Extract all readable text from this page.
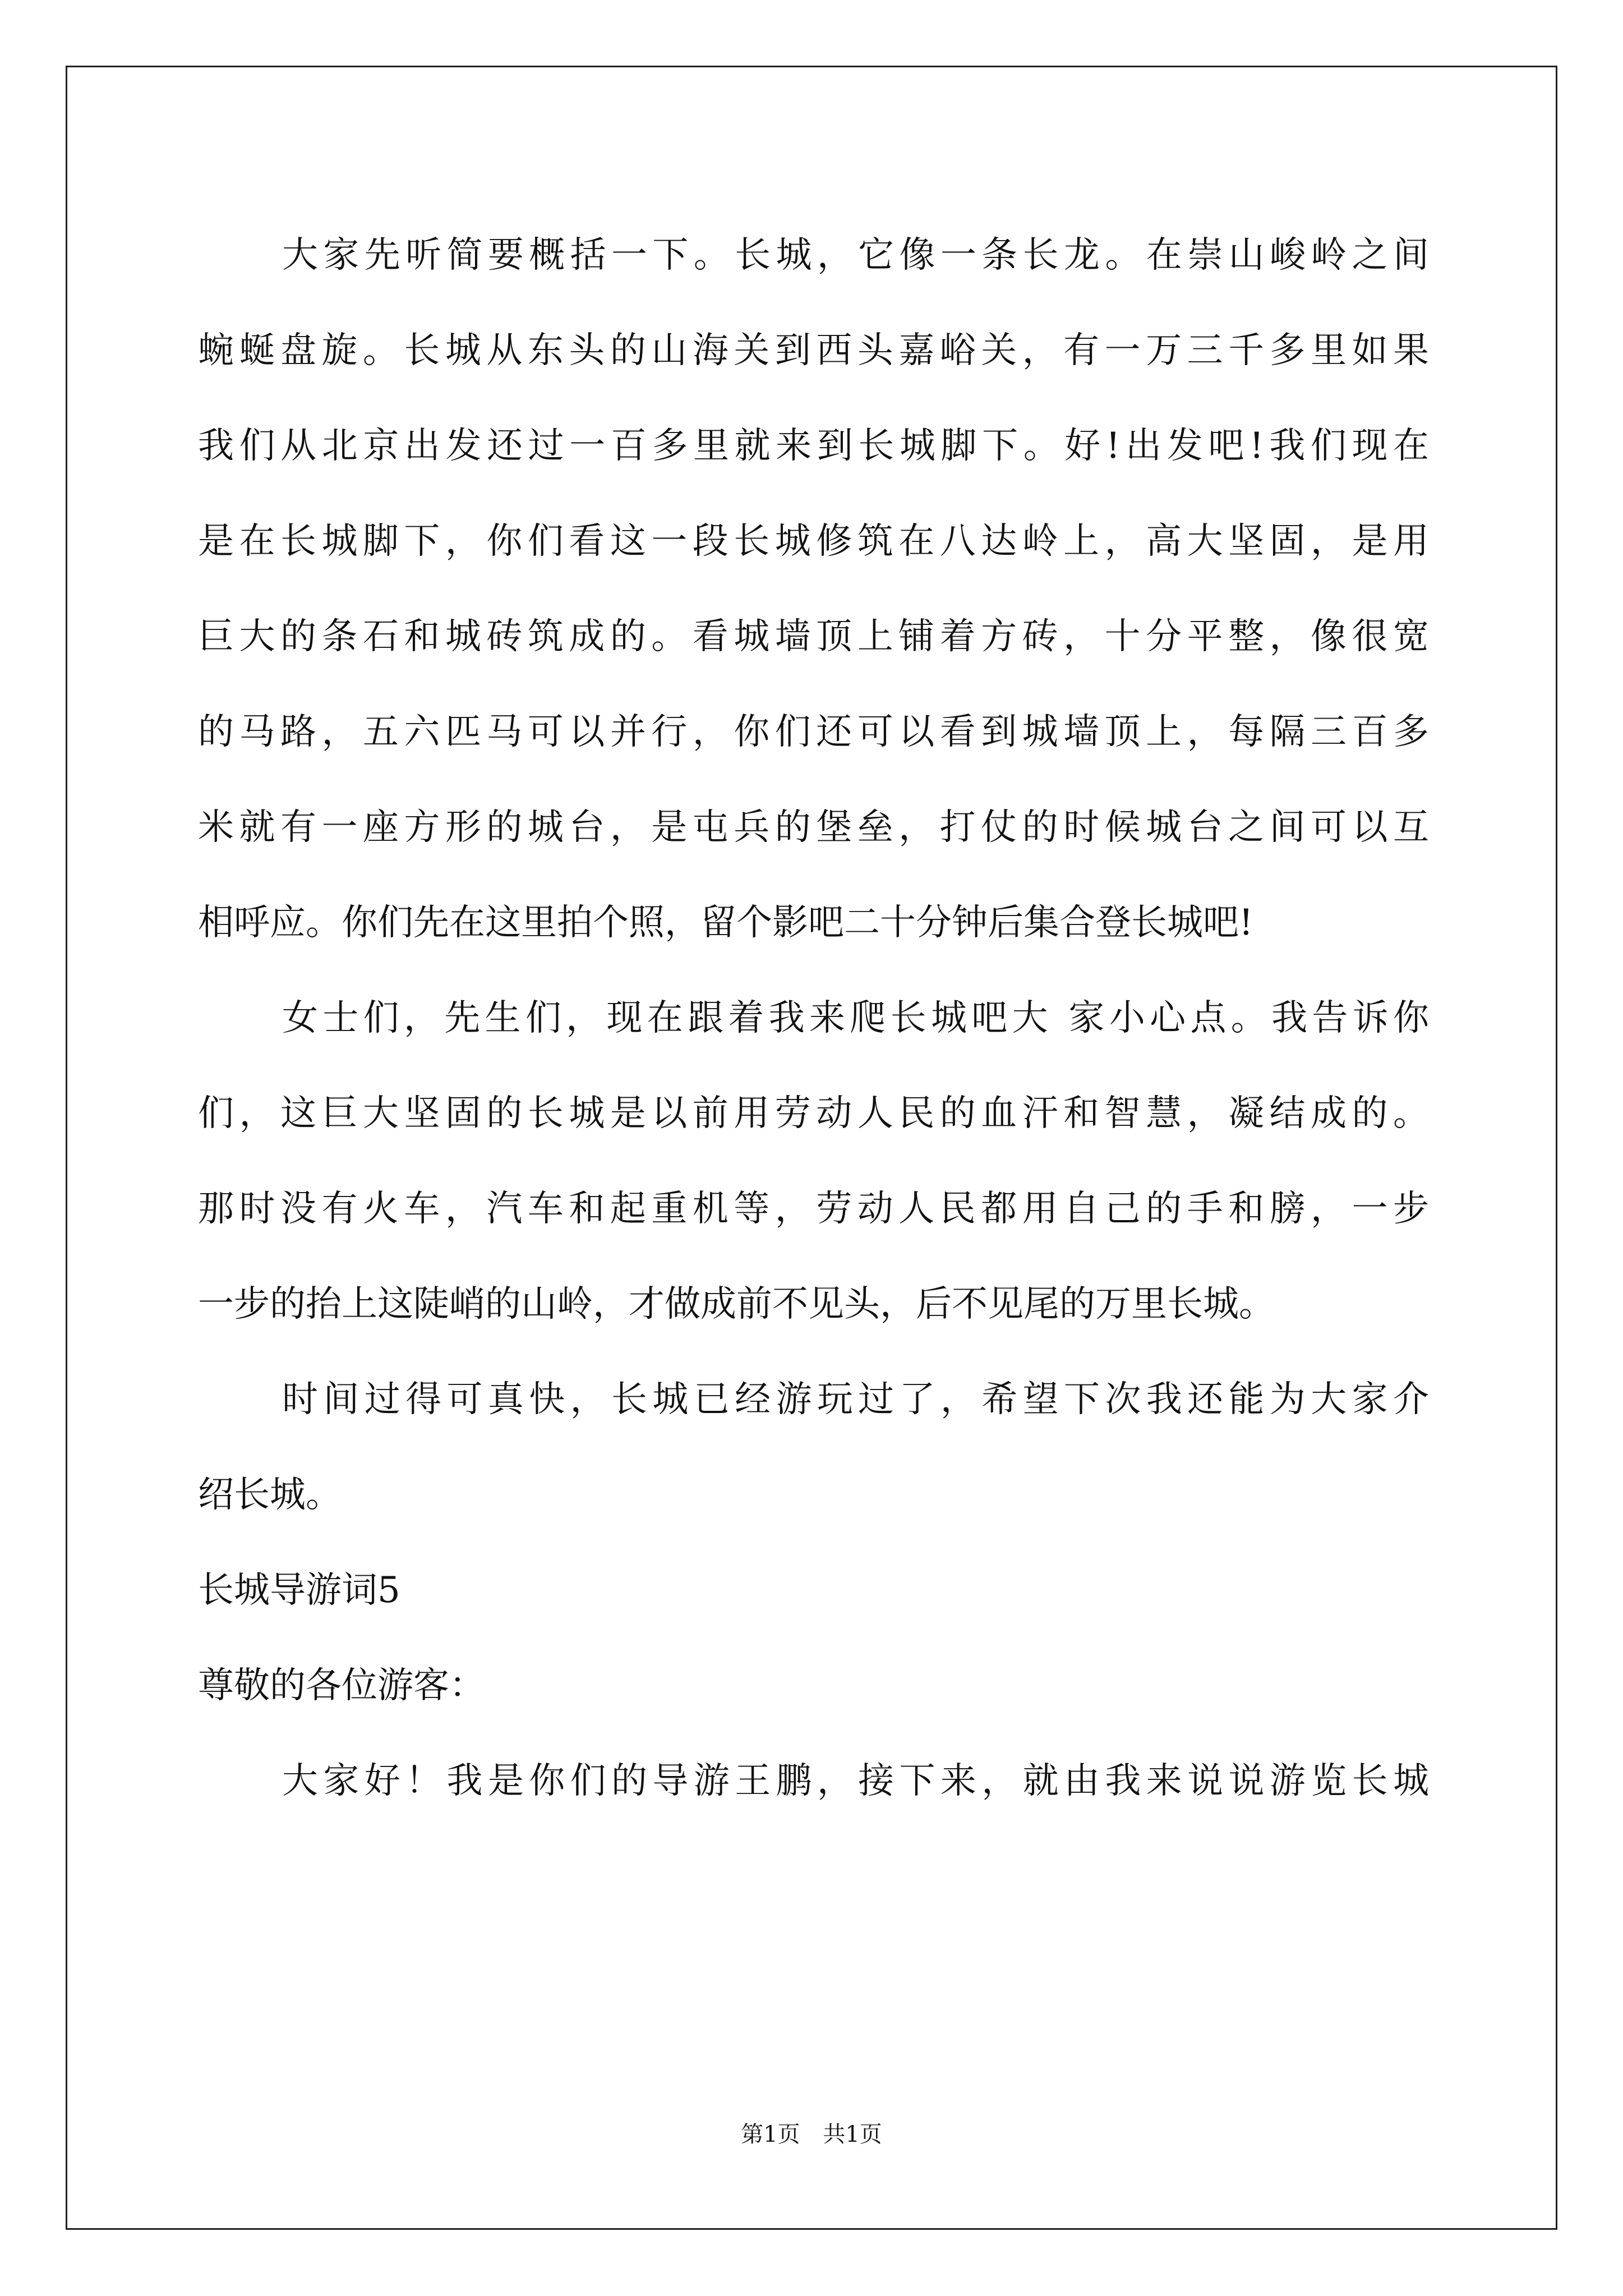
大家先听简要概括一下。长城，它像一条长龙。在崇山峻岭之间
蜿蜒盘旋。长城从东头的山海关到西头嘉峪关，有一万三千多里如果
我们从北京出发还过一百多里就来到长城脚下。好!出发吧!我们现在
是在长城脚下，你们看这一段长城修筑在八达岭上，高大坚固，是用
巨大的条石和城砖筑成的。看城墙顶上铺着方砖，十分平整，像很宽
的马路，五六匹马可以并行，你们还可以看到城墙顶上，每隔三百多
米就有一座方形的城台，是屯兵的堡垒，打仗的时候城台之间可以互
相呼应。你们先在这里拍个照，留个影吧二十分钟后集合登长城吧!
女士们，先生们，现在跟着我来爬长城吧大 家小心点。我告诉你
们，这巨大坚固的长城是以前用劳动人民的血汗和智慧，凝结成的。
那时没有火车，汽车和起重机等，劳动人民都用自己的手和膀，一步
一步的抬上这陡峭的山岭，才做成前不见头，后不见尾的万里长城。
时间过得可真快，长城已经游玩过了，希望下次我还能为大家介
绍长城。
长城导游词5
尊敬的各位游客：
大家好！我是你们的导游王鹏，接下来，就由我来说说游览长城
第1页 共1页
